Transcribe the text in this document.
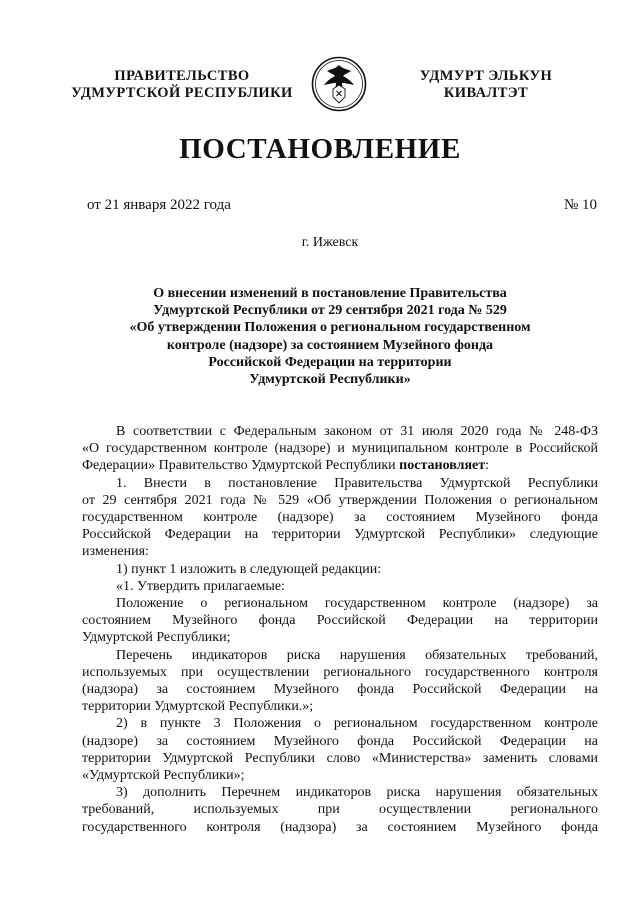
ПРАВИТЕЛЬСТВО
УДМУРТСКОЙ РЕСПУБЛИКИ
УДМУРТ ЭЛЬКУН
КИВАЛТЭТ
ПОСТАНОВЛЕНИЕ
от 21 января 2022 года	№ 10
г. Ижевск
О внесении изменений в постановление Правительства
Удмуртской Республики от 29 сентября 2021 года № 529
«Об утверждении Положения о региональном государственном
контроле (надзоре) за состоянием Музейного фонда
Российской Федерации на территории
Удмуртской Республики»
В соответствии с Федеральным законом от 31 июля 2020 года № 248-ФЗ
«О государственном контроле (надзоре) и муниципальном контроле в Российской
Федерации» Правительство Удмуртской Республики постановляет:
1. Внести в постановление Правительства Удмуртской Республики
от 29 сентября 2021 года № 529 «Об утверждении Положения о региональном
государственном контроле (надзоре) за состоянием Музейного фонда
Российской Федерации на территории Удмуртской Республики» следующие
изменения:
1) пункт 1 изложить в следующей редакции:
«1. Утвердить прилагаемые:
Положение о региональном государственном контроле (надзоре) за
состоянием Музейного фонда Российской Федерации на территории
Удмуртской Республики;
Перечень индикаторов риска нарушения обязательных требований,
используемых при осуществлении регионального государственного контроля
(надзора) за состоянием Музейного фонда Российской Федерации на
территории Удмуртской Республики.»;
2) в пункте 3 Положения о региональном государственном контроле
(надзоре) за состоянием Музейного фонда Российской Федерации на
территории Удмуртской Республики слово «Министерства» заменить словами
«Удмуртской Республики»;
3) дополнить Перечнем индикаторов риска нарушения обязательных
требований, используемых при осуществлении регионального
государственного контроля (надзора) за состоянием Музейного фонда
